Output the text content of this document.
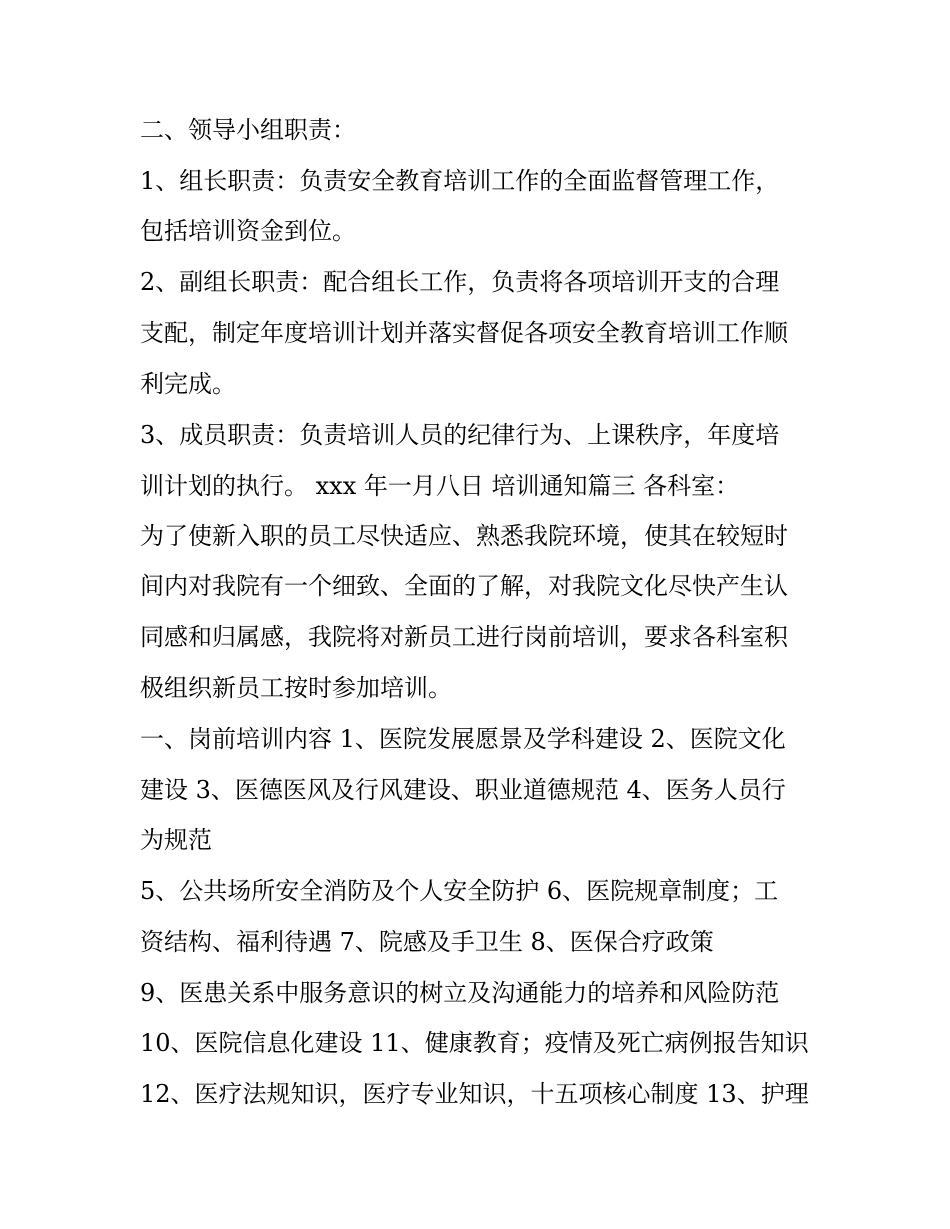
二、领导小组职责：
1、组长职责：负责安全教育培训工作的全面监督管理工作，
包括培训资金到位。
2、副组长职责：配合组长工作，负责将各项培训开支的合理
支配，制定年度培训计划并落实督促各项安全教育培训工作顺
利完成。
3、成员职责：负责培训人员的纪律行为、上课秩序，年度培
训计划的执行。 xxx 年一月八日 培训通知篇三 各科室：
为了使新入职的员工尽快适应、熟悉我院环境，使其在较短时
间内对我院有一个细致、全面的了解，对我院文化尽快产生认
同感和归属感，我院将对新员工进行岗前培训，要求各科室积
极组织新员工按时参加培训。
一、岗前培训内容 1、医院发展愿景及学科建设 2、医院文化
建设 3、医德医风及行风建设、职业道德规范 4、医务人员行
为规范
5、公共场所安全消防及个人安全防护 6、医院规章制度；工
资结构、福利待遇 7、院感及手卫生 8、医保合疗政策
9、医患关系中服务意识的树立及沟通能力的培养和风险防范
10、医院信息化建设 11、健康教育；疫情及死亡病例报告知识
12、医疗法规知识，医疗专业知识，十五项核心制度 13、护理
